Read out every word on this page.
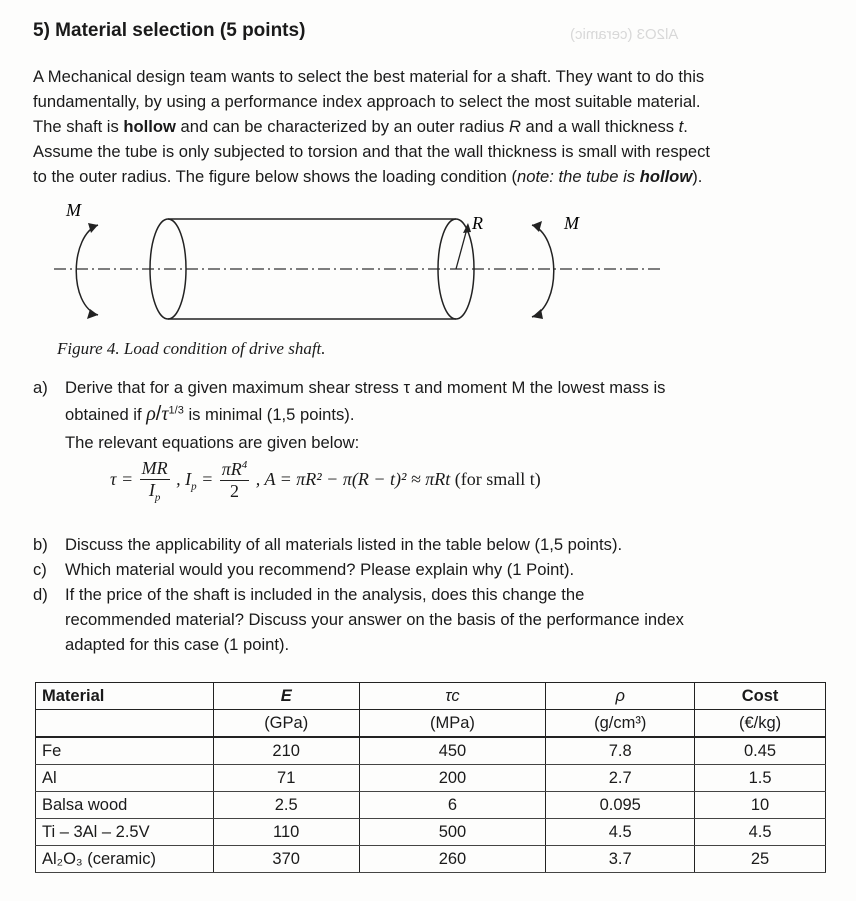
Al2O3 (ceramic)
5) Material selection (5 points)

A Mechanical design team wants to select the best material for a shaft. They want to do this

fundamentally, by using a performance index approach to select the most suitable material.

The shaft is hollow and can be characterized by an outer radius R and a wall thickness t.

Assume the tube is only subjected to torsion and that the wall thickness is small with respect

to the outer radius. The figure below shows the loading condition (note: the tube is hollow).

M
R	M
Figure 4. Load condition of drive shaft.
a) Derive that for a given maximum shear stress τ and moment M the lowest mass is
obtained if $\rho/\tau^{1/3}$ is minimal (1,5 points).
The relevant equations are given below:
$\tau = \frac{MR}{I_p}$ , $I_p = \frac{\pi R^4}{2}$ , A = πR² − π(R − t)² ≈ πRt (for small t)
b) Discuss the applicability of all materials listed in the table below (1,5 points).
c) Which material would you recommend? Please explain why (1 Point).
d) If the price of the shaft is included in the analysis, does this change the
recommended material? Discuss your answer on the basis of the performance index
adapted for this case (1 point).
Material	E	τc	ρ	Cost
	(GPa)	(MPa)	(g/cm³)	(€/kg)
Fe	210	450	7.8	0.45
Al	71	200	2.7	1.5
Balsa wood	2.5	6	0.095	10
Ti – 3Al – 2.5V	110	500	4.5	4.5
Al₂O₃ (ceramic)	370	260	3.7	25
